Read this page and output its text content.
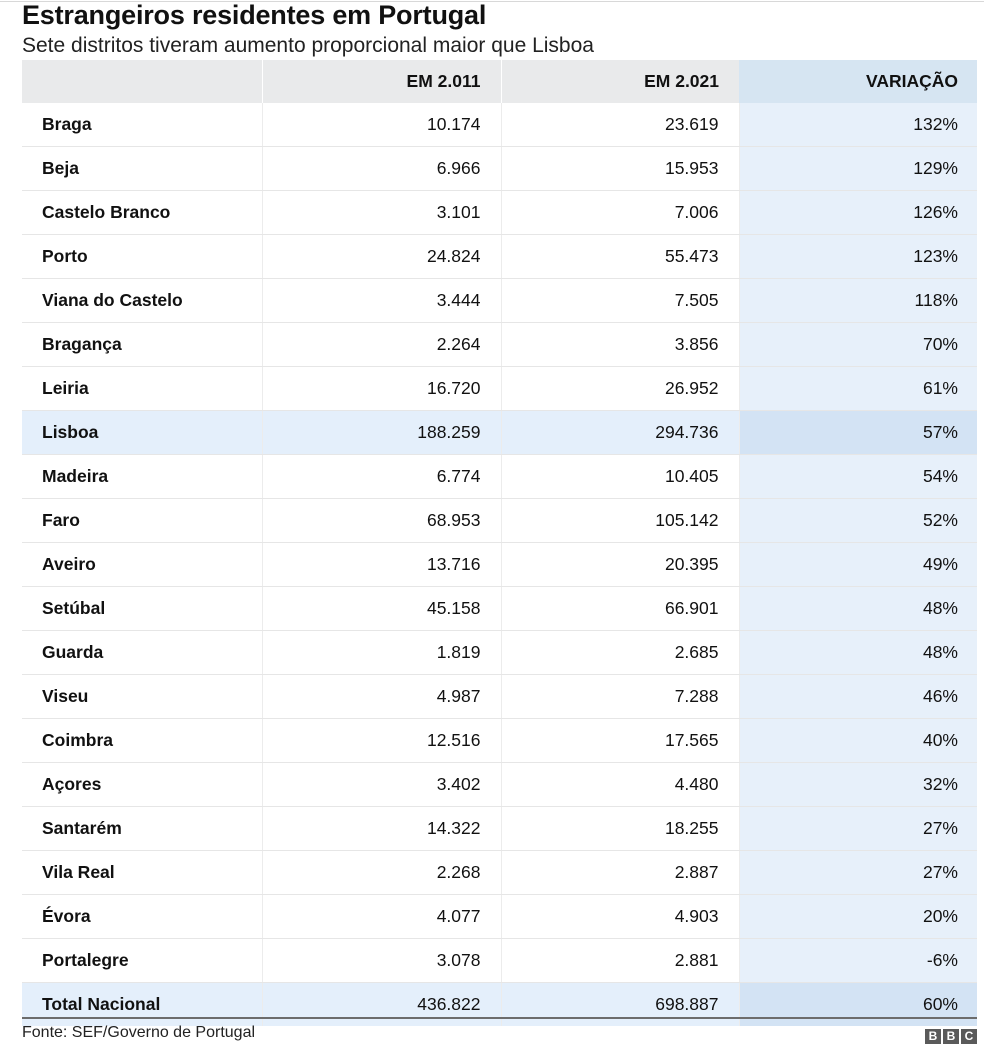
Estrangeiros residentes em Portugal
Sete distritos tiveram aumento proporcional maior que Lisboa
	EM 2.011	EM 2.021	VARIAÇÃO
Braga	10.174	23.619	132%
Beja	6.966	15.953	129%
Castelo Branco	3.101	7.006	126%
Porto	24.824	55.473	123%
Viana do Castelo	3.444	7.505	118%
Bragança	2.264	3.856	70%
Leiria	16.720	26.952	61%
Lisboa	188.259	294.736	57%
Madeira	6.774	10.405	54%
Faro	68.953	105.142	52%
Aveiro	13.716	20.395	49%
Setúbal	45.158	66.901	48%
Guarda	1.819	2.685	48%
Viseu	4.987	7.288	46%
Coimbra	12.516	17.565	40%
Açores	3.402	4.480	32%
Santarém	14.322	18.255	27%
Vila Real	2.268	2.887	27%
Évora	4.077	4.903	20%
Portalegre	3.078	2.881	-6%
Total Nacional	436.822	698.887	60%
Fonte: SEF/Governo de Portugal	B B C
